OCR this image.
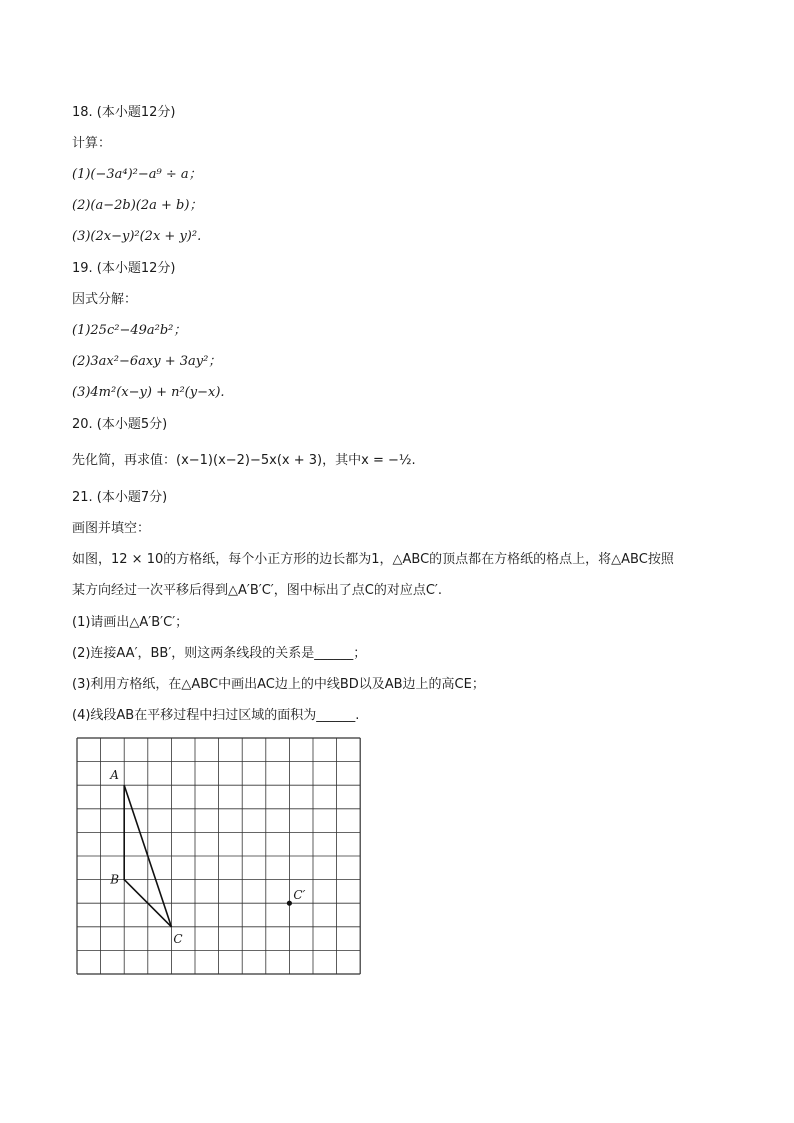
18. (本小题12分)
计算：
(1)(−3a⁴)²−a⁹ ÷ a；
(2)(a−2b)(2a + b)；
(3)(2x−y)²(2x + y)².
19. (本小题12分)
因式分解：
(1)25c²−49a²b²；
(2)3ax²−6axy + 3ay²；
(3)4m²(x−y) + n²(y−x).
20. (本小题5分)
先化简，再求值：(x−1)(x−2)−5x(x + 3)，其中x = −½.
21. (本小题7分)
画图并填空：
如图，12 × 10的方格纸，每个小正方形的边长都为1，△ABC的顶点都在方格纸的格点上，将△ABC按照
某方向经过一次平移后得到△A′B′C′，图中标出了点C的对应点C′.
(1)请画出△A′B′C′；
(2)连接AA′，BB′，则这两条线段的关系是______；
(3)利用方格纸，在△ABC中画出AC边上的中线BD以及AB边上的高CE；
(4)线段AB在平移过程中扫过区域的面积为______.
A
B
C
C′
